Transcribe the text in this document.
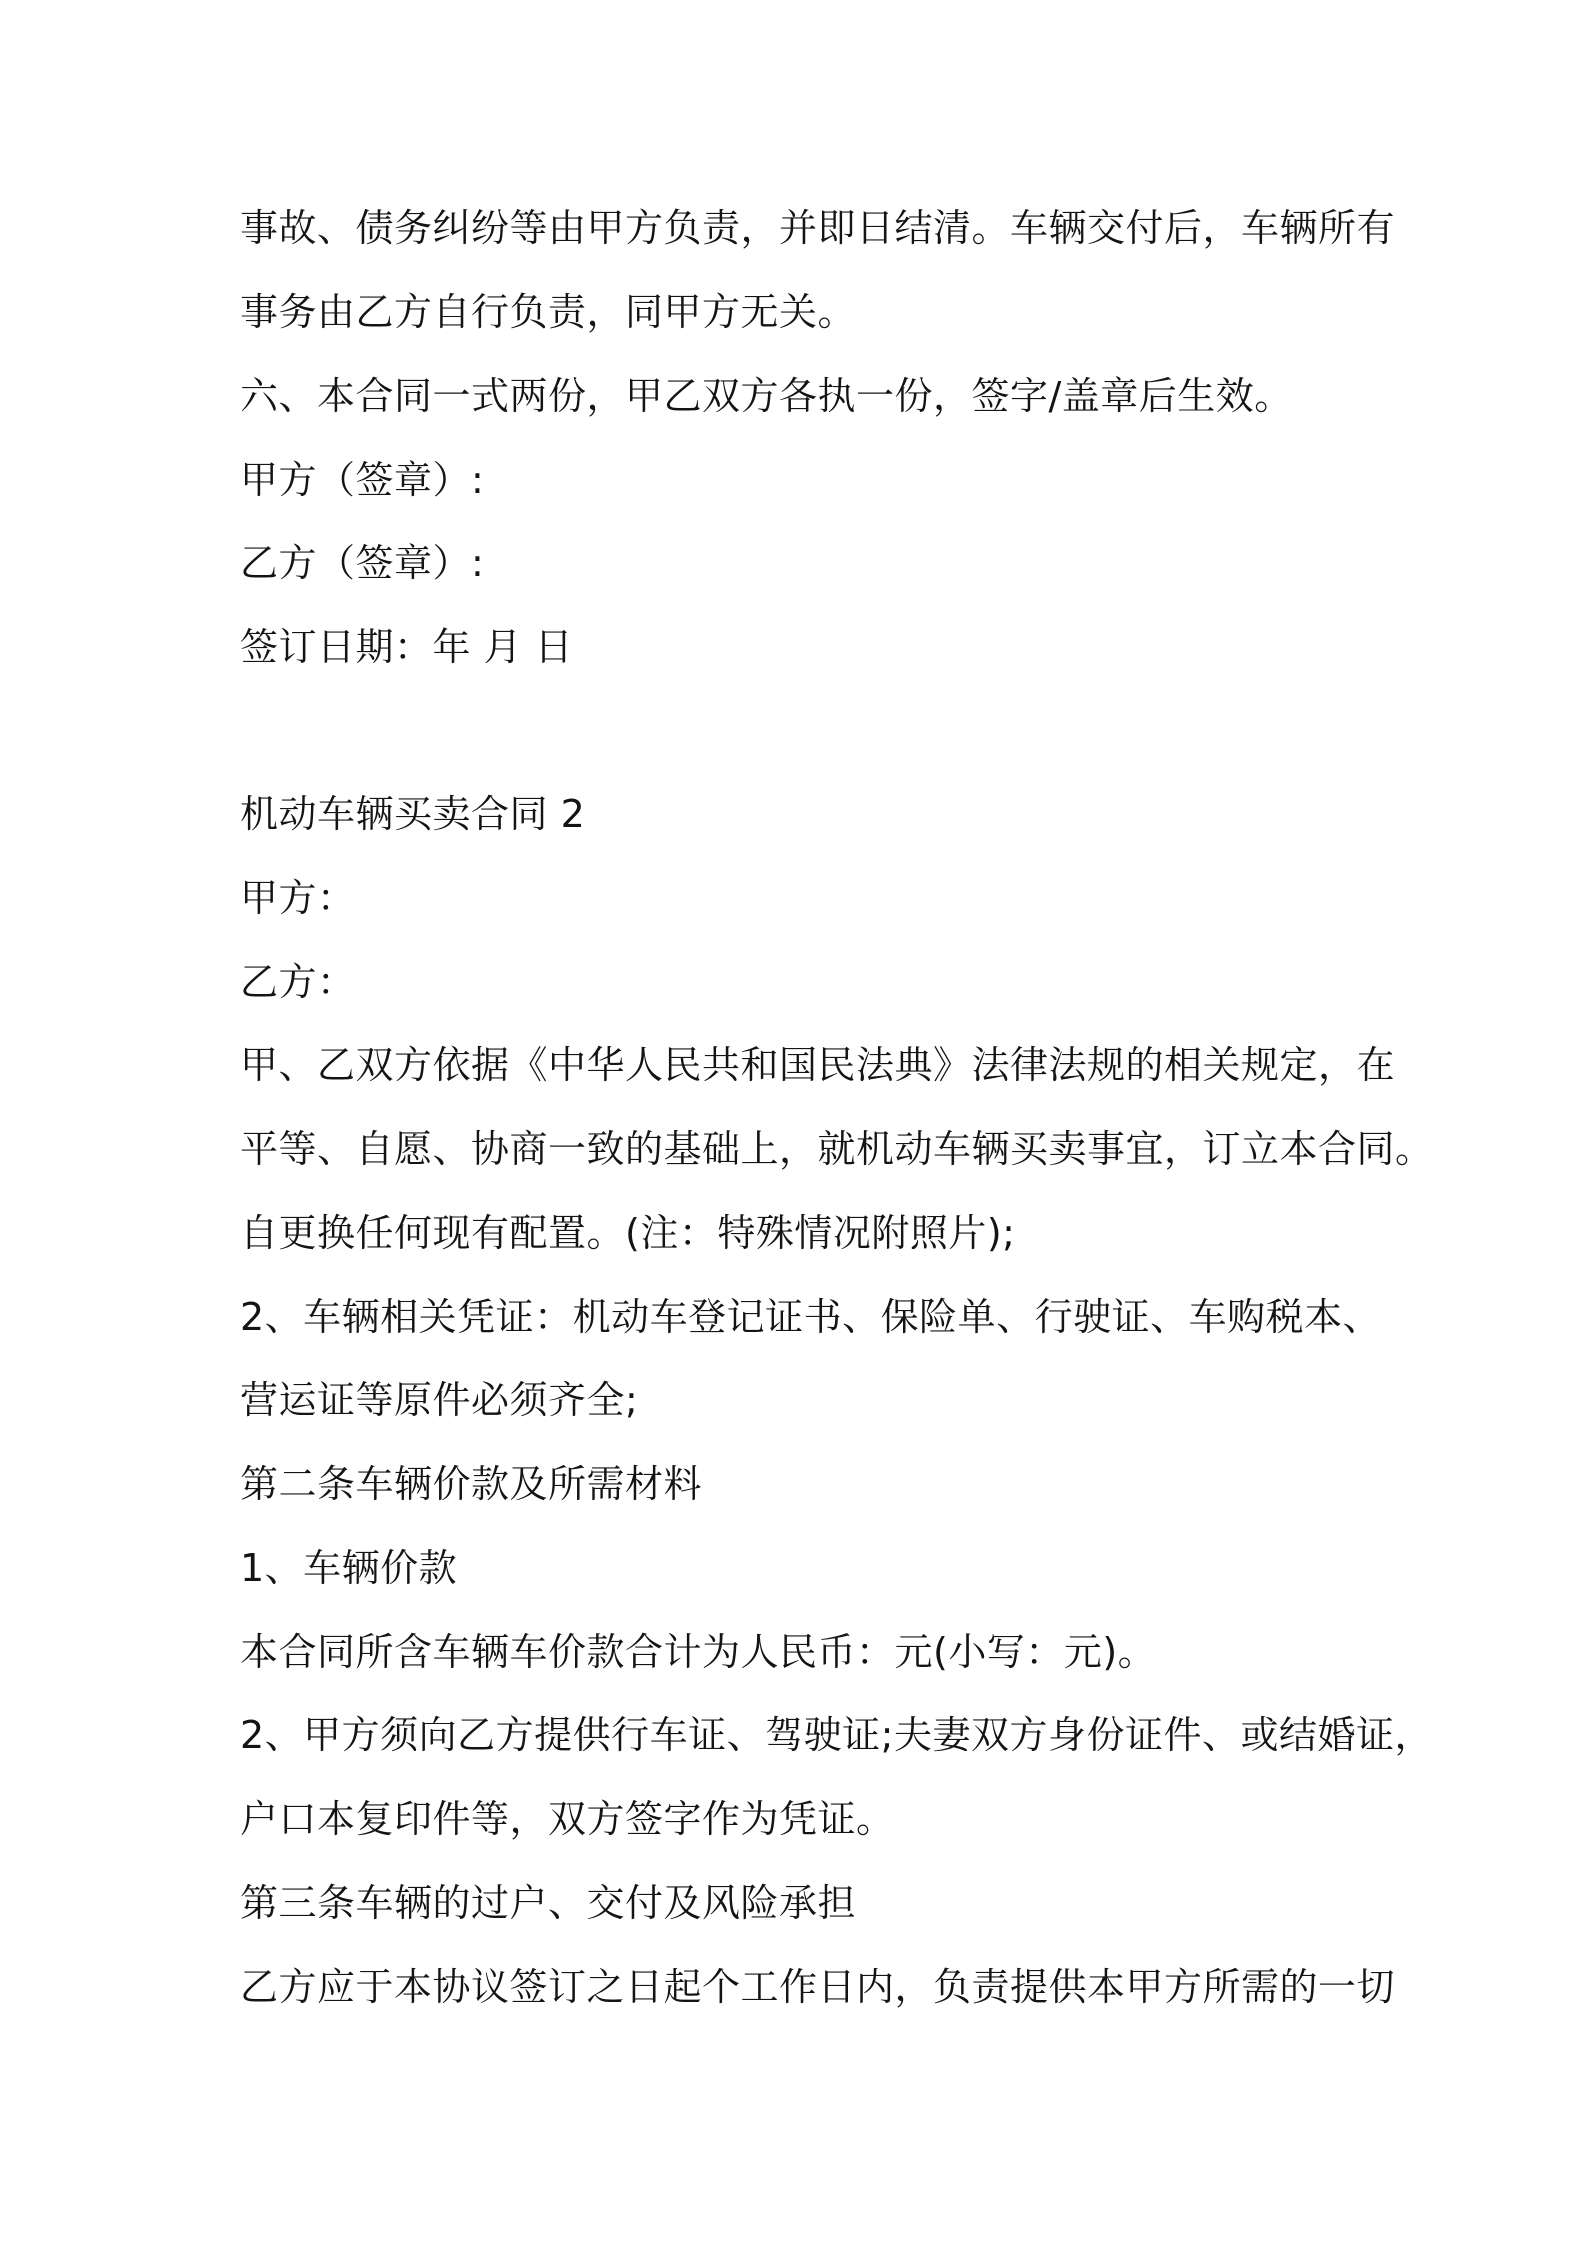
事故、债务纠纷等由甲方负责，并即日结清。车辆交付后，车辆所有
事务由乙方自行负责，同甲方无关。
六、本合同一式两份，甲乙双方各执一份，签字/盖章后生效。
甲方（签章）:
乙方（签章）:
签订日期：年 月 日
机动车辆买卖合同 2
甲方：
乙方：
甲、乙双方依据《中华人民共和国民法典》法律法规的相关规定，在
平等、自愿、协商一致的基础上，就机动车辆买卖事宜，订立本合同。
自更换任何现有配置。(注：特殊情况附照片);
2、车辆相关凭证：机动车登记证书、保险单、行驶证、车购税本、
营运证等原件必须齐全;
第二条车辆价款及所需材料
1、车辆价款
本合同所含车辆车价款合计为人民币：元(小写：元)。
2、甲方须向乙方提供行车证、驾驶证;夫妻双方身份证件、或结婚证，
户口本复印件等，双方签字作为凭证。
第三条车辆的过户、交付及风险承担
乙方应于本协议签订之日起个工作日内，负责提供本甲方所需的一切
